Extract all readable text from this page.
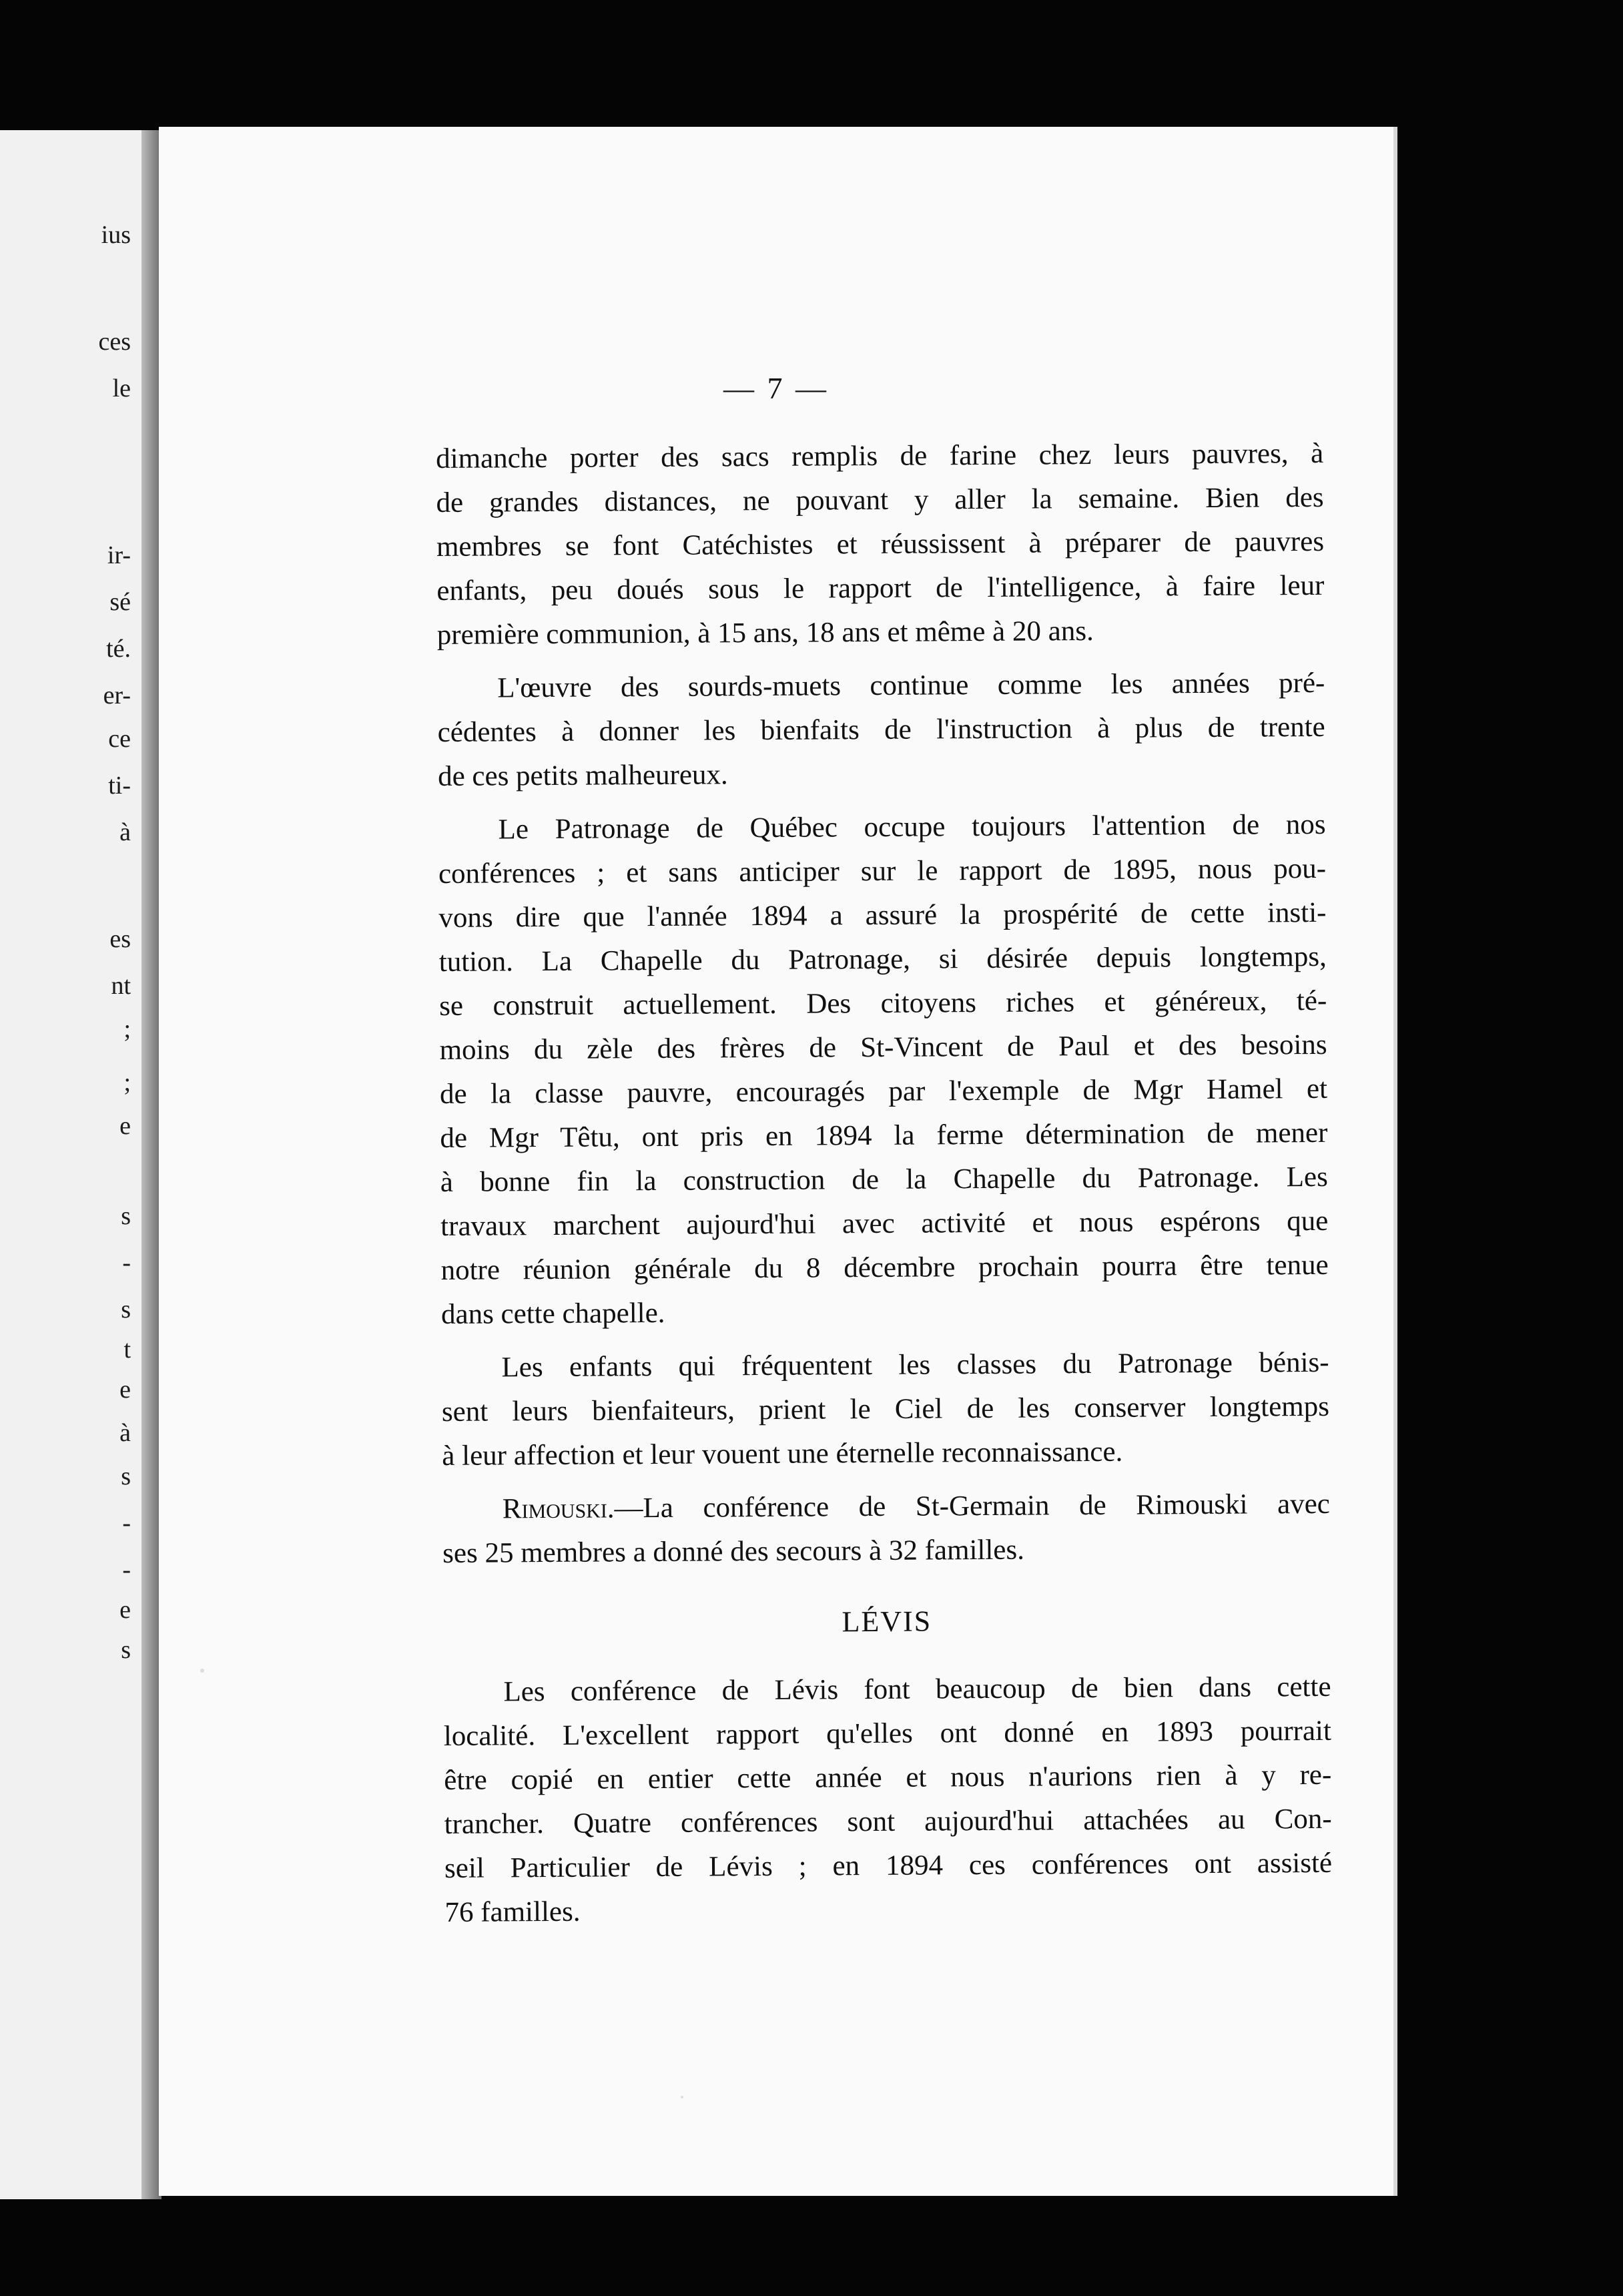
ius
ces
le
ir-
sé
té.
er-
ce
ti-
à
es
nt
;
;
e
s
-
s
t
e
à
s
-
-
e
s
— 7 —
dimanche porter des sacs remplis de farine chez leurs pauvres, à
de grandes distances, ne pouvant y aller la semaine. Bien des
membres se font Catéchistes et réussissent à préparer de pauvres
enfants, peu doués sous le rapport de l'intelligence, à faire leur
première communion, à 15 ans, 18 ans et même à 20 ans.
L'œuvre des sourds-muets continue comme les années pré-
cédentes à donner les bienfaits de l'instruction à plus de trente
de ces petits malheureux.
Le Patronage de Québec occupe toujours l'attention de nos
conférences ; et sans anticiper sur le rapport de 1895, nous pou-
vons dire que l'année 1894 a assuré la prospérité de cette insti-
tution. La Chapelle du Patronage, si désirée depuis longtemps,
se construit actuellement. Des citoyens riches et généreux, té-
moins du zèle des frères de St-Vincent de Paul et des besoins
de la classe pauvre, encouragés par l'exemple de Mgr Hamel et
de Mgr Têtu, ont pris en 1894 la ferme détermination de mener
à bonne fin la construction de la Chapelle du Patronage. Les
travaux marchent aujourd'hui avec activité et nous espérons que
notre réunion générale du 8 décembre prochain pourra être tenue
dans cette chapelle.
Les enfants qui fréquentent les classes du Patronage bénis-
sent leurs bienfaiteurs, prient le Ciel de les conserver longtemps
à leur affection et leur vouent une éternelle reconnaissance.
Rimouski.—La conférence de St-Germain de Rimouski avec
ses 25 membres a donné des secours à 32 familles.
LÉVIS
Les conférence de Lévis font beaucoup de bien dans cette
localité. L'excellent rapport qu'elles ont donné en 1893 pourrait
être copié en entier cette année et nous n'aurions rien à y re-
trancher. Quatre conférences sont aujourd'hui attachées au Con-
seil Particulier de Lévis ; en 1894 ces conférences ont assisté
76 familles.
